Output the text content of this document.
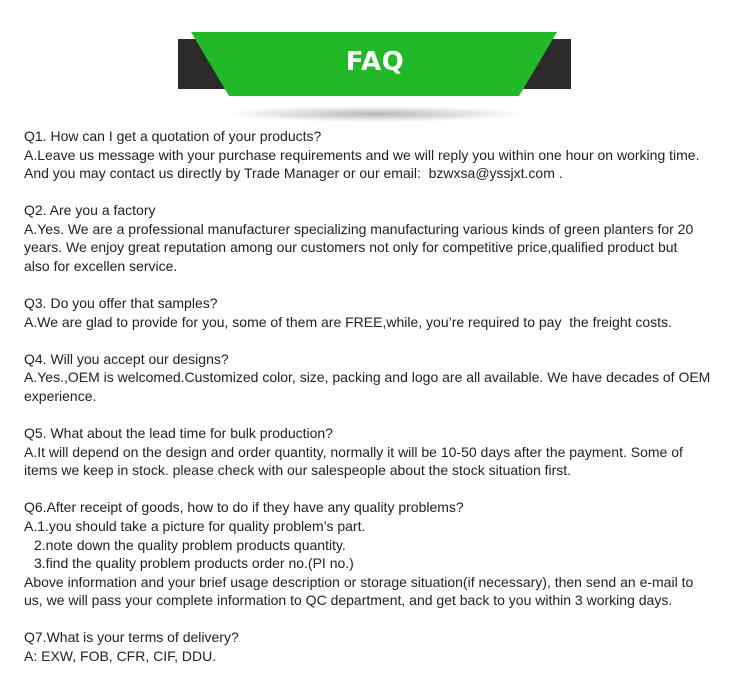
FAQ
Q1. How can I get a quotation of your products?
A.Leave us message with your purchase requirements and we will reply you within one hour on working time.
And you may contact us directly by Trade Manager or our email:  bzwxsa@yssjxt.com .
Q2. Are you a factory
A.Yes. We are a professional manufacturer specializing manufacturing various kinds of green planters for 20
years. We enjoy great reputation among our customers not only for competitive price,qualified product but
also for excellen service.
Q3. Do you offer that samples?
A.We are glad to provide for you, some of them are FREE,while, you’re required to pay  the freight costs.
Q4. Will you accept our designs?
A.Yes.,OEM is welcomed.Customized color, size, packing and logo are all available. We have decades of OEM
experience.
Q5. What about the lead time for bulk production?
A.It will depend on the design and order quantity, normally it will be 10-50 days after the payment. Some of
items we keep in stock. please check with our salespeople about the stock situation first.
Q6.After receipt of goods, how to do if they have any quality problems?
A.1.you should take a picture for quality problem’s part.
2.note down the quality problem products quantity.
3.find the quality problem products order no.(PI no.)
Above information and your brief usage description or storage situation(if necessary), then send an e-mail to
us, we will pass your complete information to QC department, and get back to you within 3 working days.
Q7.What is your terms of delivery?
A: EXW, FOB, CFR, CIF, DDU.
